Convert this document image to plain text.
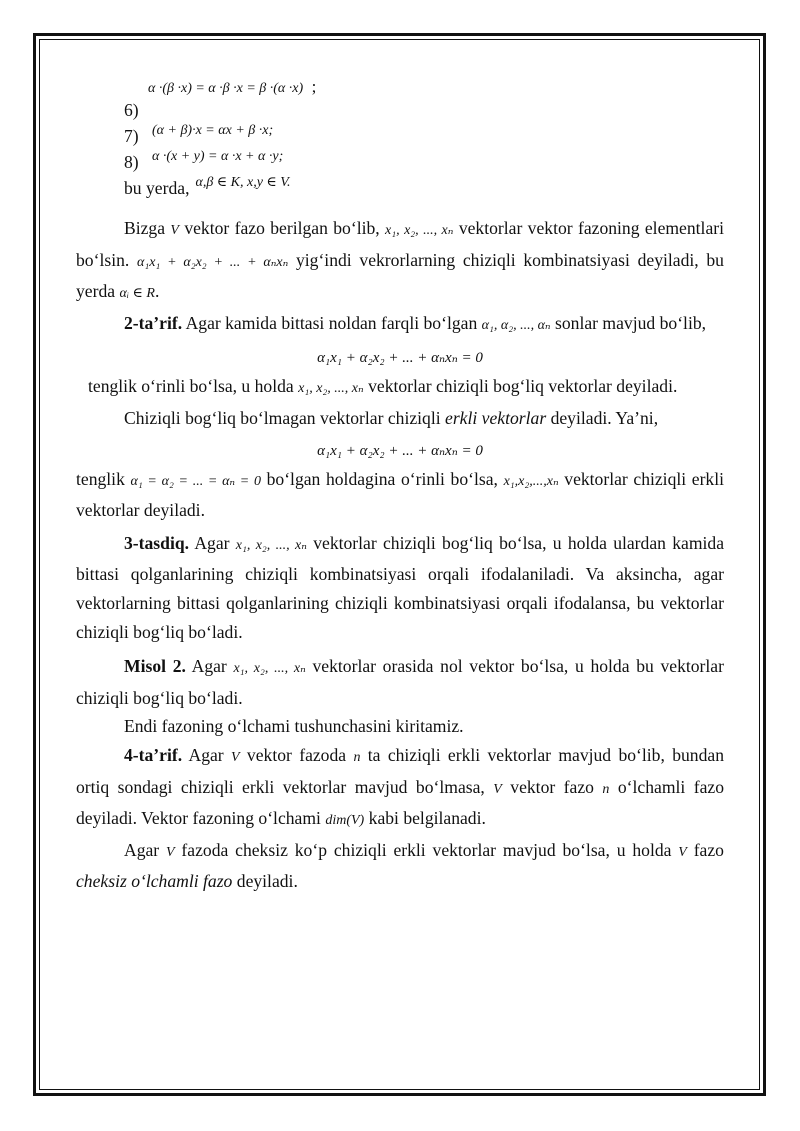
α ·(β ·x) = α ·β ·x = β ·(α ·x) ;
6)
7) (α + β)·x = αx + β ·x;
8) α ·(x + y) = α ·x + α ·y;
bu yerda, α,β ∈ K, x,y ∈ V.

Bizga V vektor fazo berilgan bo‘lib, x₁, x₂, ..., xₙ vektorlar vektor fazoning elementlari bo‘lsin. α₁x₁ + α₂x₂ + ... + αₙxₙ yig‘indi vekrorlarning chiziqli kombinatsiyasi deyiladi, bu yerda αᵢ ∈ R.

2-ta’rif. Agar kamida bittasi noldan farqli bo‘lgan α₁, α₂, ..., αₙ sonlar mavjud bo‘lib,

α₁x₁ + α₂x₂ + ... + αₙxₙ = 0

tenglik o‘rinli bo‘lsa, u holda x₁, x₂, ..., xₙ vektorlar chiziqli bog‘liq vektorlar deyiladi.

Chiziqli bog‘liq bo‘lmagan vektorlar chiziqli erkli vektorlar deyiladi. Ya’ni,

α₁x₁ + α₂x₂ + ... + αₙxₙ = 0

tenglik α₁ = α₂ = ... = αₙ = 0 bo‘lgan holdagina o‘rinli bo‘lsa, x₁,x₂,...,xₙ vektorlar chiziqli erkli vektorlar deyiladi.

3-tasdiq. Agar x₁, x₂, ..., xₙ vektorlar chiziqli bog‘liq bo‘lsa, u holda ulardan kamida bittasi qolganlarining chiziqli kombinatsiyasi orqali ifodalaniladi. Va aksincha, agar vektorlarning bittasi qolganlarining chiziqli kombinatsiyasi orqali ifodalansa, bu vektorlar chiziqli bog‘liq bo‘ladi.

Misol 2. Agar x₁, x₂, ..., xₙ vektorlar orasida nol vektor bo‘lsa, u holda bu vektorlar chiziqli bog‘liq bo‘ladi.

Endi fazoning o‘lchami tushunchasini kiritamiz.

4-ta’rif. Agar V vektor fazoda n ta chiziqli erkli vektorlar mavjud bo‘lib, bundan ortiq sondagi chiziqli erkli vektorlar mavjud bo‘lmasa, V vektor fazo n o‘lchamli fazo deyiladi. Vektor fazoning o‘lchami dim(V) kabi belgilanadi.

Agar V fazoda cheksiz ko‘p chiziqli erkli vektorlar mavjud bo‘lsa, u holda V fazo cheksiz o‘lchamli fazo deyiladi.
